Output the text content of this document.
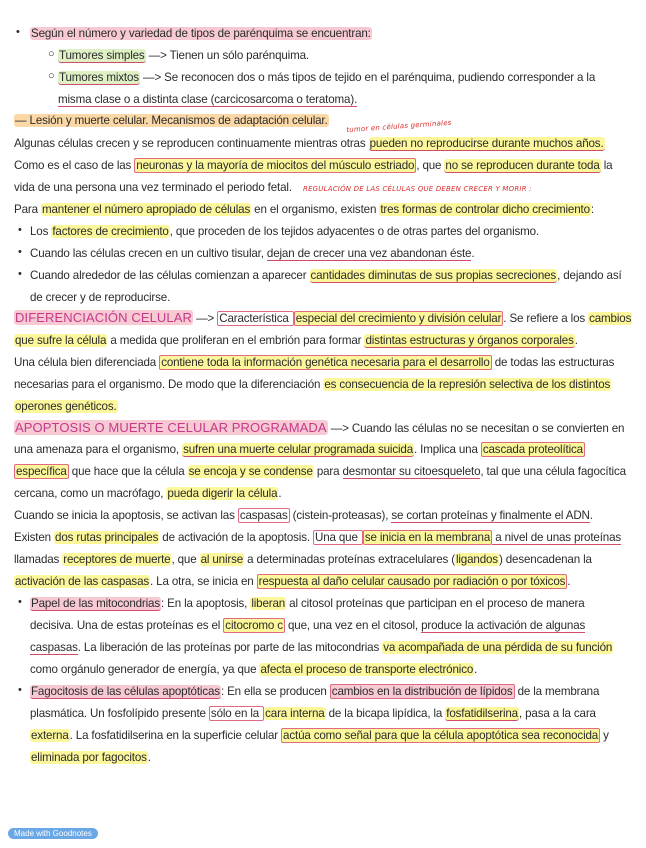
• Según el número y variedad de tipos de parénquima se encuentran:
○ Tumores simples —> Tienen un sólo parénquima.
○ Tumores mixtos —> Se reconocen dos o más tipos de tejido en el parénquima, pudiendo corresponder a la
misma clase o a distinta clase (carcicosarcoma o teratoma).
— Lesión y muerte celular. Mecanismos de adaptación celular.	tumor en células germinales
Algunas células crecen y se reproducen continuamente mientras otras pueden no reproducirse durante muchos años.
Como es el caso de las neuronas y la mayoría de miocitos del músculo estriado , que no se reproducen durante toda la
vida de una persona una vez terminado el periodo fetal.	REGULACIÓN DE LAS CÉLULAS QUE DEBEN CRECER Y MORIR :
Para mantener el número apropiado de células en el organismo, existen tres formas de controlar dicho crecimiento:
• Los factores de crecimiento, que proceden de los tejidos adyacentes o de otras partes del organismo.
• Cuando las células crecen en un cultivo tisular, dejan de crecer una vez abandonan éste.
• Cuando alrededor de las células comienzan a aparecer cantidades diminutas de sus propias secreciones, dejando así
de crecer y de reproducirse.
DIFERENCIACIÓN CELULAR —> Característica especial del crecimiento y división celular . Se refiere a los cambios
que sufre la célula a medida que proliferan en el embrión para formar distintas estructuras y órganos corporales.
Una célula bien diferenciada contiene toda la información genética necesaria para el desarrollo de todas las estructuras
necesarias para el organismo. De modo que la diferenciación es consecuencia de la represión selectiva de los distintos
operones genéticos.
APOPTOSIS O MUERTE CELULAR PROGRAMADA —> Cuando las células no se necesitan o se convierten en
una amenaza para el organismo, sufren una muerte celular programada suicida. Implica una cascada proteolítica
específica que hace que la célula se encoja y se condense para desmontar su citoesqueleto, tal que una célula fagocítica
cercana, como un macrófago, pueda digerir la célula.
Cuando se inicia la apoptosis, se activan las caspasas (cistein-proteasas), se cortan proteínas y finalmente el ADN.
Existen dos rutas principales de activación de la apoptosis. Una que se inicia en la membrana a nivel de unas proteínas
llamadas receptores de muerte, que al unirse a determinadas proteínas extracelulares (ligandos) desencadenan la
activación de las caspasas. La otra, se inicia en respuesta al daño celular causado por radiación o por tóxicos .
• Papel de las mitocondrias: En la apoptosis, liberan al citosol proteínas que participan en el proceso de manera
decisiva. Una de estas proteínas es el citocromo c que, una vez en el citosol, produce la activación de algunas
caspasas. La liberación de las proteínas por parte de las mitocondrias va acompañada de una pérdida de su función
como orgánulo generador de energía, ya que afecta el proceso de transporte electrónico.
• Fagocitosis de las células apoptóticas: En ella se producen cambios en la distribución de lípidos de la membrana
plasmática. Un fosfolípido presente sólo en la cara interna de la bicapa lipídica, la fosfatidilserina, pasa a la cara
externa. La fosfatidilserina en la superficie celular actúa como señal para que la célula apoptótica sea reconocida y
eliminada por fagocitos.
Made with Goodnotes
